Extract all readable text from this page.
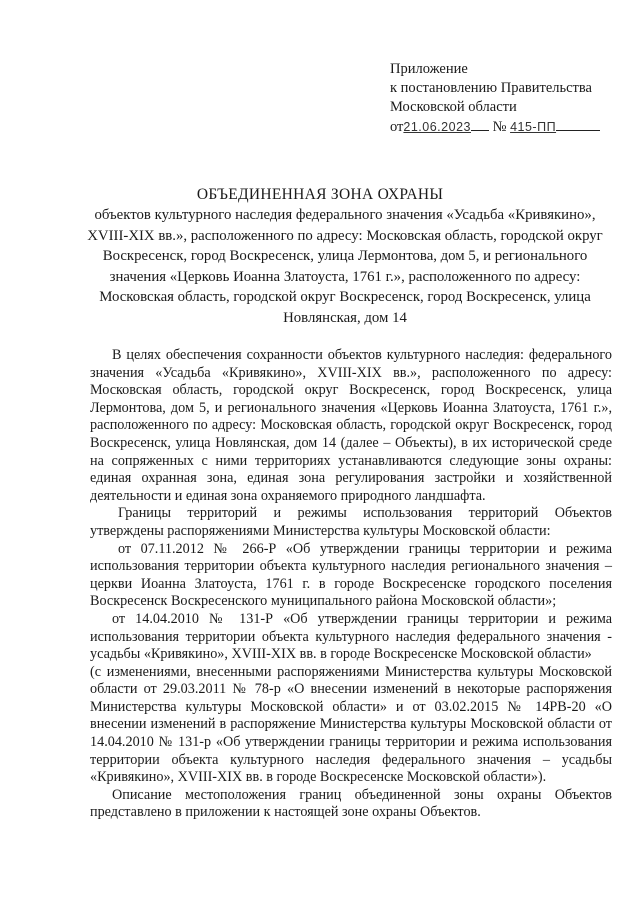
Приложение
к постановлению Правительства
Московской области
от21.06.2023 № 415-ПП
ОБЪЕДИНЕННАЯ ЗОНА ОХРАНЫ
объектов культурного наследия федерального значения «Усадьба «Кривякино», XVIII-XIX вв.», расположенного по адресу: Московская область, городской округ Воскресенск, город Воскресенск, улица Лермонтова, дом 5, и регионального значения «Церковь Иоанна Златоуста, 1761 г.», расположенного по адресу: Московская область, городской округ Воскресенск, город Воскресенск, улица Новлянская, дом 14

В целях обеспечения сохранности объектов культурного наследия: федерального значения «Усадьба «Кривякино», XVIII-XIX вв.», расположенного по адресу: Московская область, городской округ Воскресенск, город Воскресенск, улица Лермонтова, дом 5, и регионального значения «Церковь Иоанна Златоуста, 1761 г.», расположенного по адресу: Московская область, городской округ Воскресенск, город Воскресенск, улица Новлянская, дом 14 (далее – Объекты), в их исторической среде на сопряженных с ними территориях устанавливаются следующие зоны охраны: единая охранная зона, единая зона регулирования застройки и хозяйственной деятельности и единая зона охраняемого природного ландшафта.

Границы территорий и режимы использования территорий Объектов утверждены распоряжениями Министерства культуры Московской области:

от 07.11.2012 № 266-Р «Об утверждении границы территории и режима использования территории объекта культурного наследия регионального значения – церкви Иоанна Златоуста, 1761 г. в городе Воскресенске городского поселения Воскресенск Воскресенского муниципального района Московской области»;

от 14.04.2010 № 131-Р «Об утверждении границы территории и режима использования территории объекта культурного наследия федерального значения - усадьбы «Кривякино», XVIII-XIX вв. в городе Воскресенске Московской области»

(с изменениями, внесенными распоряжениями Министерства культуры Московской области от 29.03.2011 № 78-р «О внесении изменений в некоторые распоряжения Министерства культуры Московской области» и от 03.02.2015 № 14РВ-20 «О внесении изменений в распоряжение Министерства культуры Московской области от 14.04.2010 № 131-р «Об утверждении границы территории и режима использования территории объекта культурного наследия федерального значения – усадьбы «Кривякино», XVIII-XIX вв. в городе Воскресенске Московской области»).

Описание местоположения границ объединенной зоны охраны Объектов представлено в приложении к настоящей зоне охраны Объектов.
